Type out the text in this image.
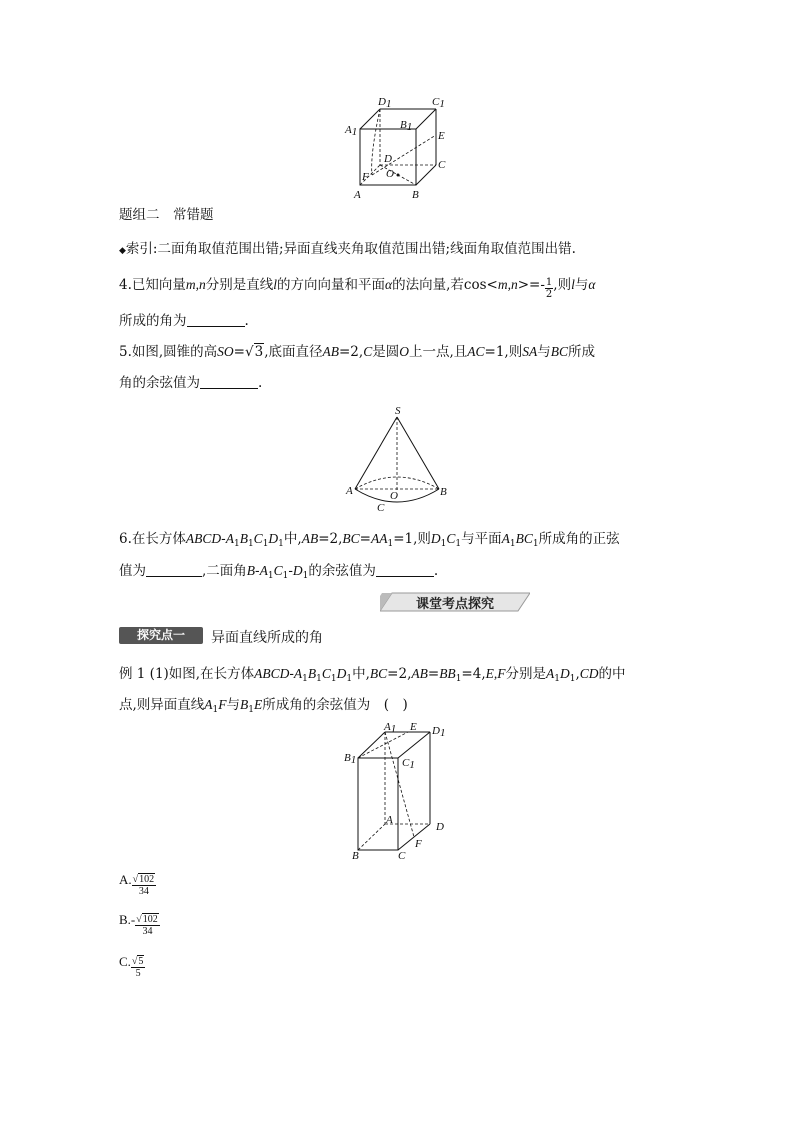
D1	C1
A1
B1
E
D	C
O
F
A	B
题组二　常错题
◆索引:二面角取值范围出错;异面直线夹角取值范围出错;线面角取值范围出错.
4.已知向量m,n分别是直线l的方向向量和平面α的法向量,若$\cos<m,n>=- \frac{1}{2}$ ,则l与α
所成的角为	.
5.如图,圆锥的高SO=√3,底面直径AB=2,C是圆O上一点,且AC=1,则SA与BC所成
角的余弦值为	.
S
A	B
O
C
6.在长方体ABCD-$A_1B_1C_1D_1$中$,AB=2,BC=AA_1=1$,则$D_1C_1$与平面$A_1BC_1$所成角的正弦
值为	,二面角$B-A_1C_1-D_1$的余弦值为	.
课堂考点探究
探究点一	异面直线所成的角
例 1 (1)如图,在长方体ABCD-$A_1B_1C_1D_1$中$,BC=2,AB=BB_1=4,E,F$分别是$A_1D_1,CD$的中
点,则异面直线$A_1F$与$B_1E$所成角的余弦值为　(　)
A1 E D1
B1	C1
A
D
F
B	C
A. $\frac{√102}{34}$
$B.- \frac{√102}{34}$
C. $\frac{√5}{5}$
